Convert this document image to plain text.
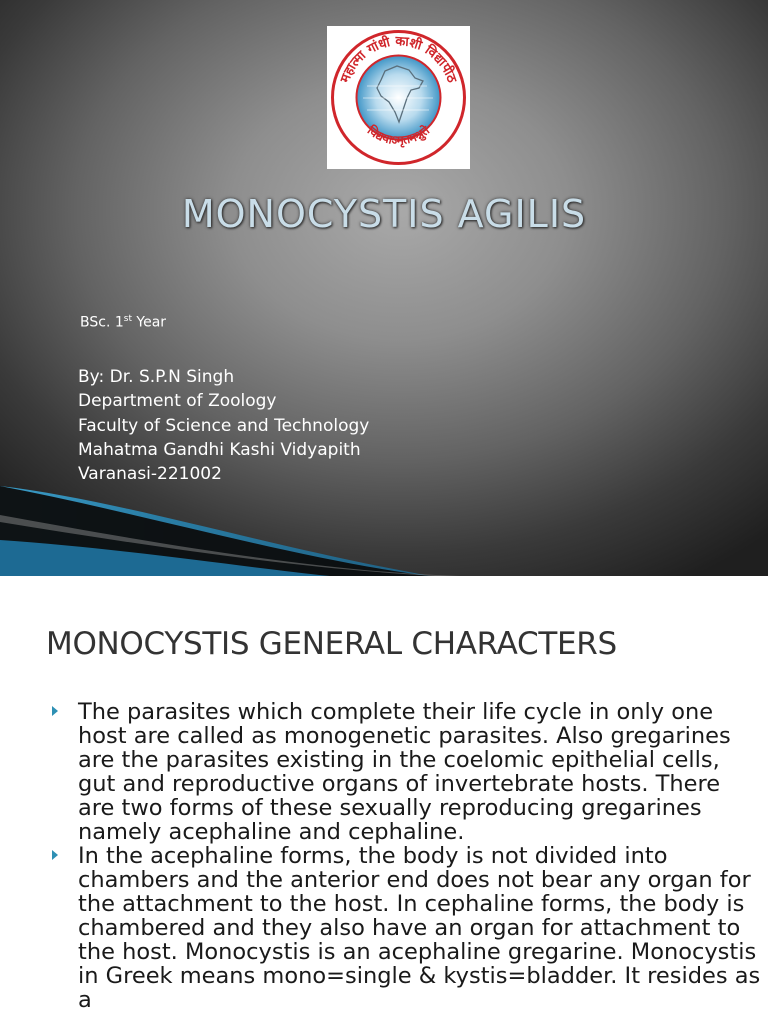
महात्मा गांधी काशी विद्यापीठ
विद्ययाऽमृतमश्नुते
MONOCYSTIS AGILIS
BSc. 1st Year
By: Dr. S.P.N Singh
Department of Zoology
Faculty of Science and Technology
Mahatma Gandhi Kashi Vidyapith
Varanasi-221002
MONOCYSTIS GENERAL CHARACTERS
The parasites which complete their life cycle in only one host are called as monogenetic parasites. Also gregarines are the parasites existing in the coelomic epithelial cells, gut and reproductive organs of invertebrate hosts. There are two forms of these sexually reproducing gregarines namely acephaline and cephaline.
In the acephaline forms, the body is not divided into chambers and the anterior end does not bear any organ for the attachment to the host. In cephaline forms, the body is chambered and they also have an organ for attachment to the host. Monocystis is an acephaline gregarine. Monocystis in Greek means mono=single & kystis=bladder. It resides as a
